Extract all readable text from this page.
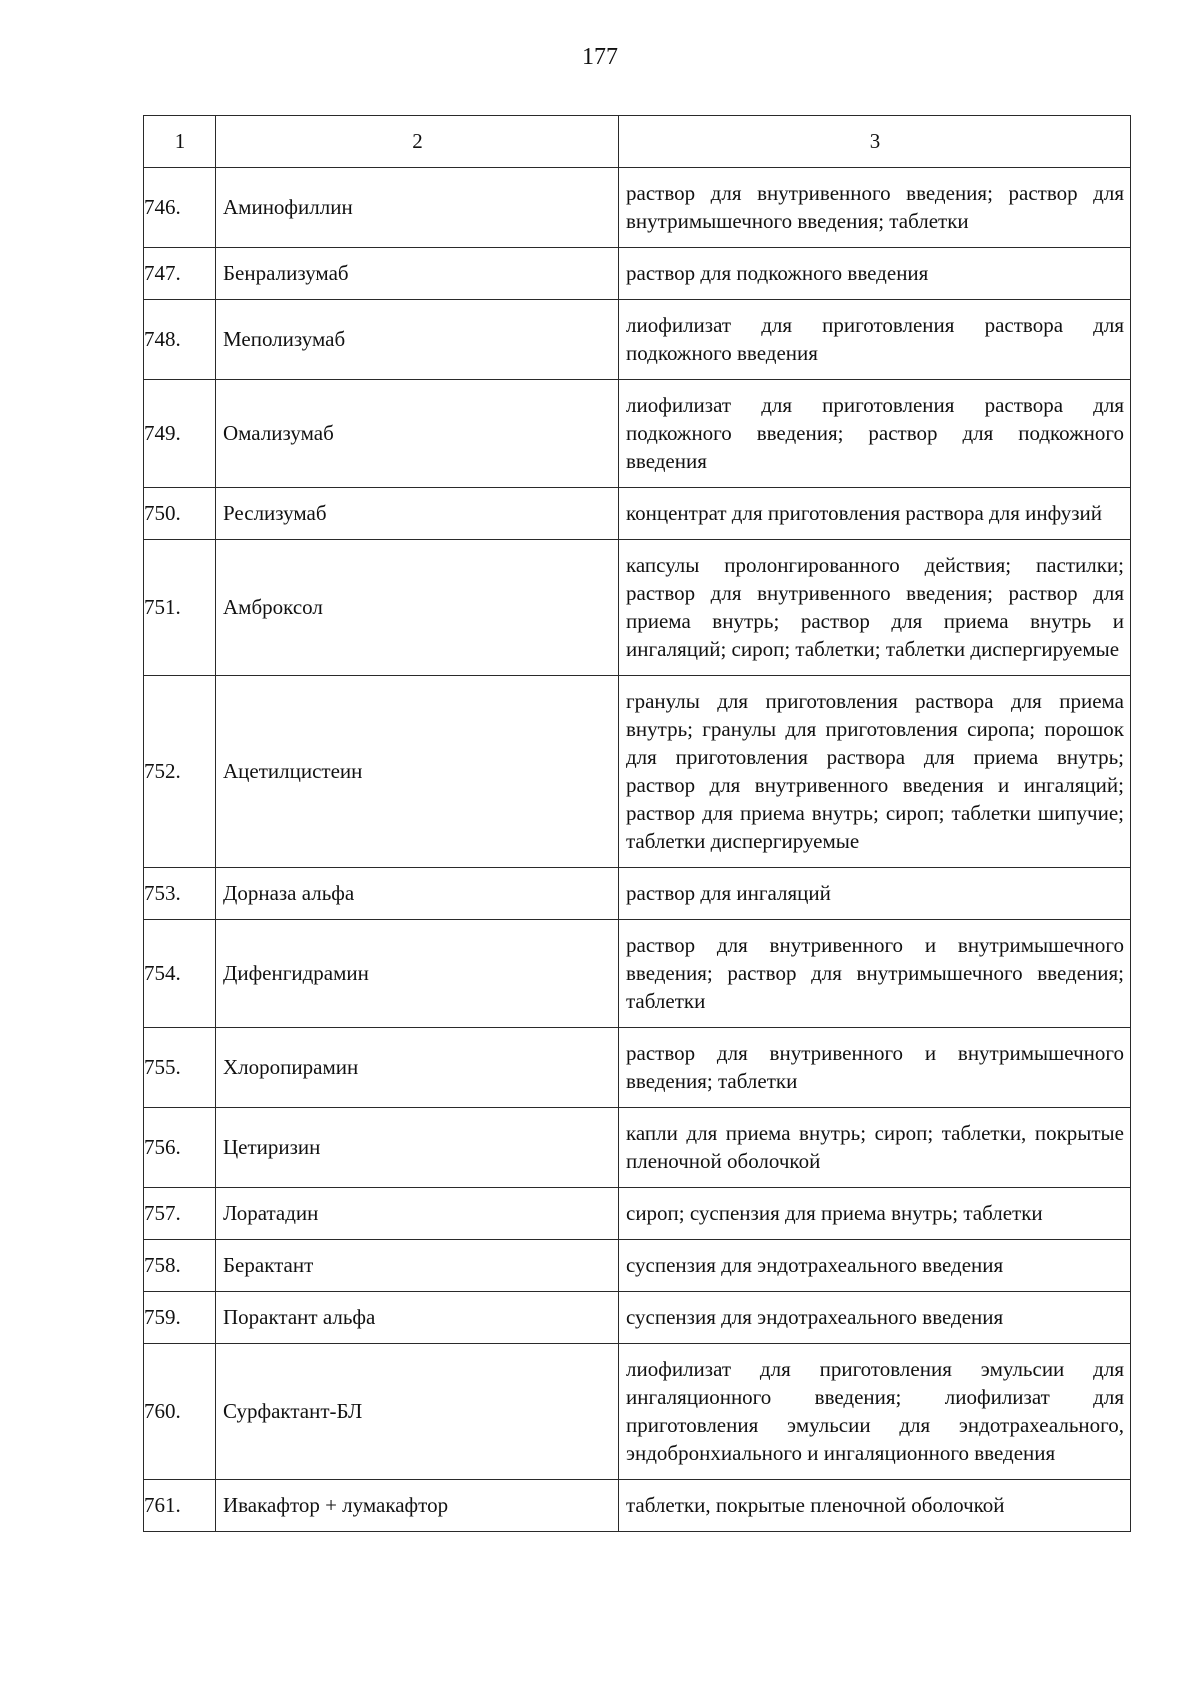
177
1	2	3
746.	Аминофиллин	раствор для внутривенного введения; раствор для внутримышечного введения; таблетки
747.	Бенрализумаб	раствор для подкожного введения
748.	Меполизумаб	лиофилизат для приготовления раствора для подкожного введения
749.	Омализумаб	лиофилизат для приготовления раствора для подкожного введения; раствор для подкожного введения
750.	Реслизумаб	концентрат для приготовления раствора для инфузий
751.	Амброксол	капсулы пролонгированного действия; пастилки; раствор для внутривенного введения; раствор для приема внутрь; раствор для приема внутрь и ингаляций; сироп; таблетки; таблетки диспергируемые
752.	Ацетилцистеин	гранулы для приготовления раствора для приема внутрь; гранулы для приготовления сиропа; порошок для приготовления раствора для приема внутрь; раствор для внутривенного введения и ингаляций; раствор для приема внутрь; сироп; таблетки шипучие; таблетки диспергируемые
753.	Дорназа альфа	раствор для ингаляций
754.	Дифенгидрамин	раствор для внутривенного и внутримышечного введения; раствор для внутримышечного введения; таблетки
755.	Хлоропирамин	раствор для внутривенного и внутримышечного введения; таблетки
756.	Цетиризин	капли для приема внутрь; сироп; таблетки, покрытые пленочной оболочкой
757.	Лоратадин	сироп; суспензия для приема внутрь; таблетки
758.	Берактант	суспензия для эндотрахеального введения
759.	Порактант альфа	суспензия для эндотрахеального введения
760.	Сурфактант-БЛ	лиофилизат для приготовления эмульсии для ингаляционного введения; лиофилизат для приготовления эмульсии для эндотрахеального, эндобронхиального и ингаляционного введения
761.	Ивакафтор + лумакафтор	таблетки, покрытые пленочной оболочкой
